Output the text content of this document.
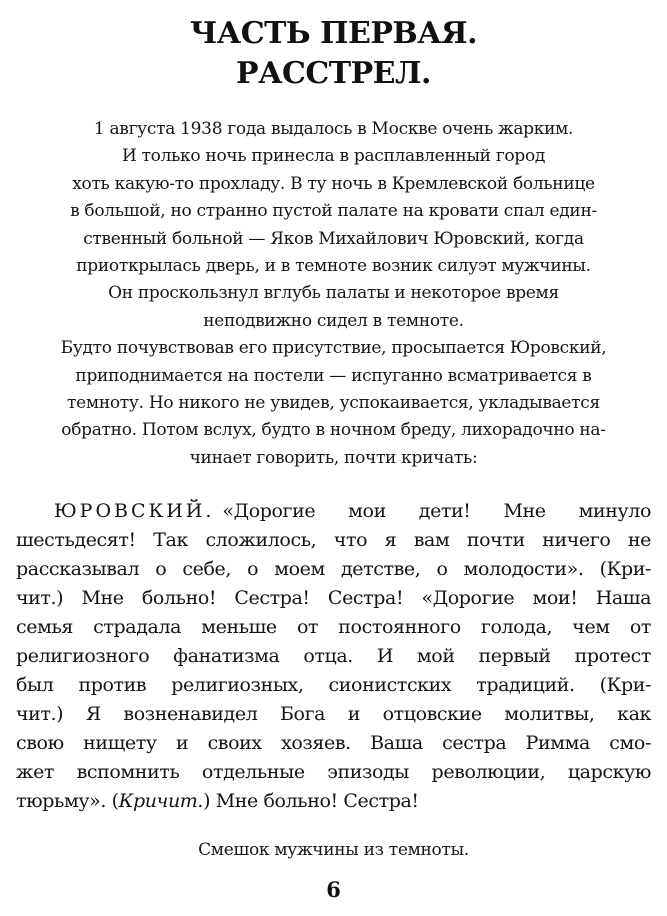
ЧАСТЬ ПЕРВАЯ.
РАССТРЕЛ.
1 августа 1938 года выдалось в Москве очень жарким.
И только ночь принесла в расплавленный город
хоть какую-то прохладу. В ту ночь в Кремлевской больнице
в большой, но странно пустой палате на кровати спал един-
ственный больной — Яков Михайлович Юровский, когда
приоткрылась дверь, и в темноте возник силуэт мужчины.
Он проскользнул вглубь палаты и некоторое время
неподвижно сидел в темноте.
Будто почувствовав его присутствие, просыпается Юровский,
приподнимается на постели — испуганно всматривается в
темноту. Но никого не увидев, успокаивается, укладывается
обратно. Потом вслух, будто в ночном бреду, лихорадочно на-
чинает говорить, почти кричать:
ЮРОВСКИЙ. «Дорогие мои дети! Мне минуло
шестьдесят! Так сложилось, что я вам почти ничего не
рассказывал о себе, о моем детстве, о молодости». (Кри-
чит.) Мне больно! Сестра! Сестра! «Дорогие мои! Наша
семья страдала меньше от постоянного голода, чем от
религиозного фанатизма отца. И мой первый протест
был против религиозных, сионистских традиций. (Кри-
чит.) Я возненавидел Бога и отцовские молитвы, как
свою нищету и своих хозяев. Ваша сестра Римма смо-
жет вспомнить отдельные эпизоды революции, царскую
тюрьму». (Кричит.) Мне больно! Сестра!
Смешок мужчины из темноты.
6
